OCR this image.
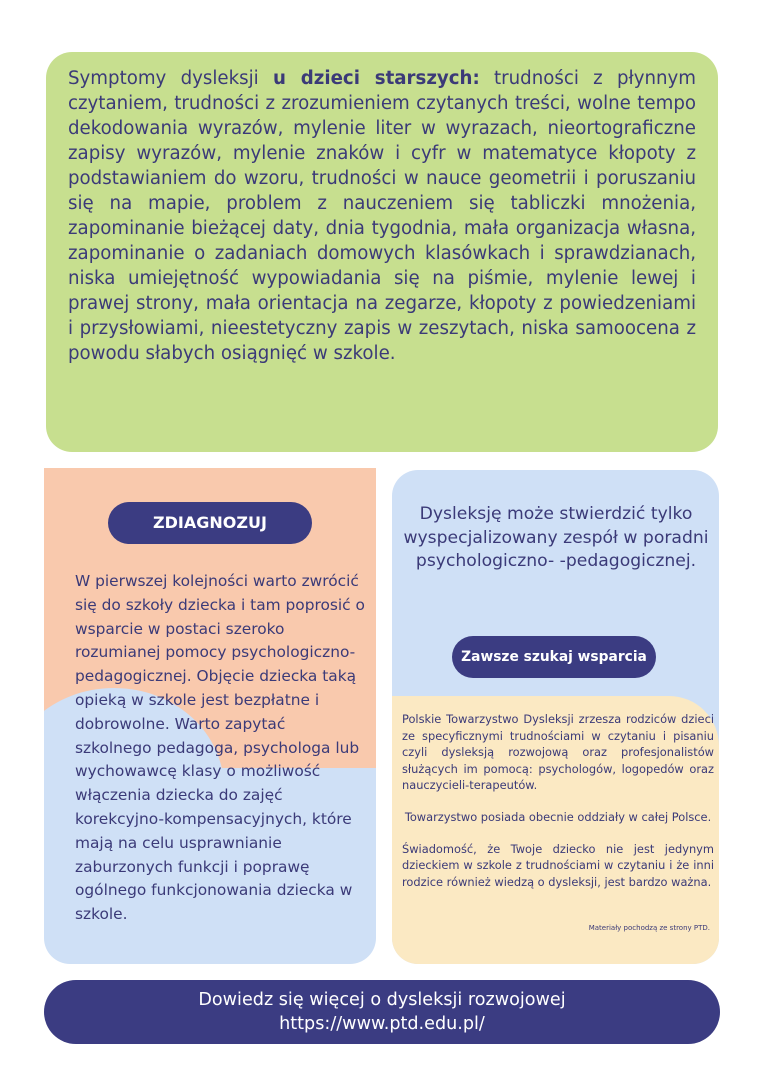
Symptomy dysleksji u dzieci starszych: trudności z płynnym czytaniem, trudności z zrozumieniem czytanych treści, wolne tempo dekodowania wyrazów, mylenie liter w wyrazach, nieortograficzne zapisy wyrazów, mylenie znaków i cyfr w matematyce kłopoty z podstawianiem do wzoru, trudności w nauce geometrii i poruszaniu się na mapie, problem z nauczeniem się tabliczki mnożenia, zapominanie bieżącej daty, dnia tygodnia, mała organizacja własna, zapominanie o zadaniach domowych klasówkach i sprawdzianach, niska umiejętność wypowiadania się na piśmie, mylenie lewej i prawej strony, mała orientacja na zegarze, kłopoty z powiedzeniami i przysłowiami, nieestetyczny zapis w zeszytach, niska samoocena z powodu słabych osiągnięć w szkole.

ZDIAGNOZUJ

W pierwszej kolejności warto zwrócić się do szkoły dziecka i tam poprosić o wsparcie w postaci szeroko rozumianej pomocy psychologiczno-pedagogicznej. Objęcie dziecka taką opieką w szkole jest bezpłatne i dobrowolne. Warto zapytać szkolnego pedagoga, psychologa lub wychowawcę klasy o możliwość włączenia dziecka do zajęć korekcyjno-kompensacyjnych, które mają na celu usprawnianie zaburzonych funkcji i poprawę ogólnego funkcjonowania dziecka w szkole.

Dysleksję może stwierdzić tylko wyspecjalizowany zespół w poradni psychologiczno- -pedagogicznej.

Zawsze szukaj wsparcia

Polskie Towarzystwo Dysleksji zrzesza rodziców dzieci ze specyficznymi trudnościami w czytaniu i pisaniu czyli dysleksją rozwojową oraz profesjonalistów służących im pomocą: psychologów, logopedów oraz nauczycieli-terapeutów.

Towarzystwo posiada obecnie oddziały w całej Polsce.

Świadomość, że Twoje dziecko nie jest jedynym dzieckiem w szkole z trudnościami w czytaniu i że inni rodzice również wiedzą o dysleksji, jest bardzo ważna.

Materiały pochodzą ze strony PTD.
Dowiedz się więcej o dysleksji rozwojowej
https://www.ptd.edu.pl/
